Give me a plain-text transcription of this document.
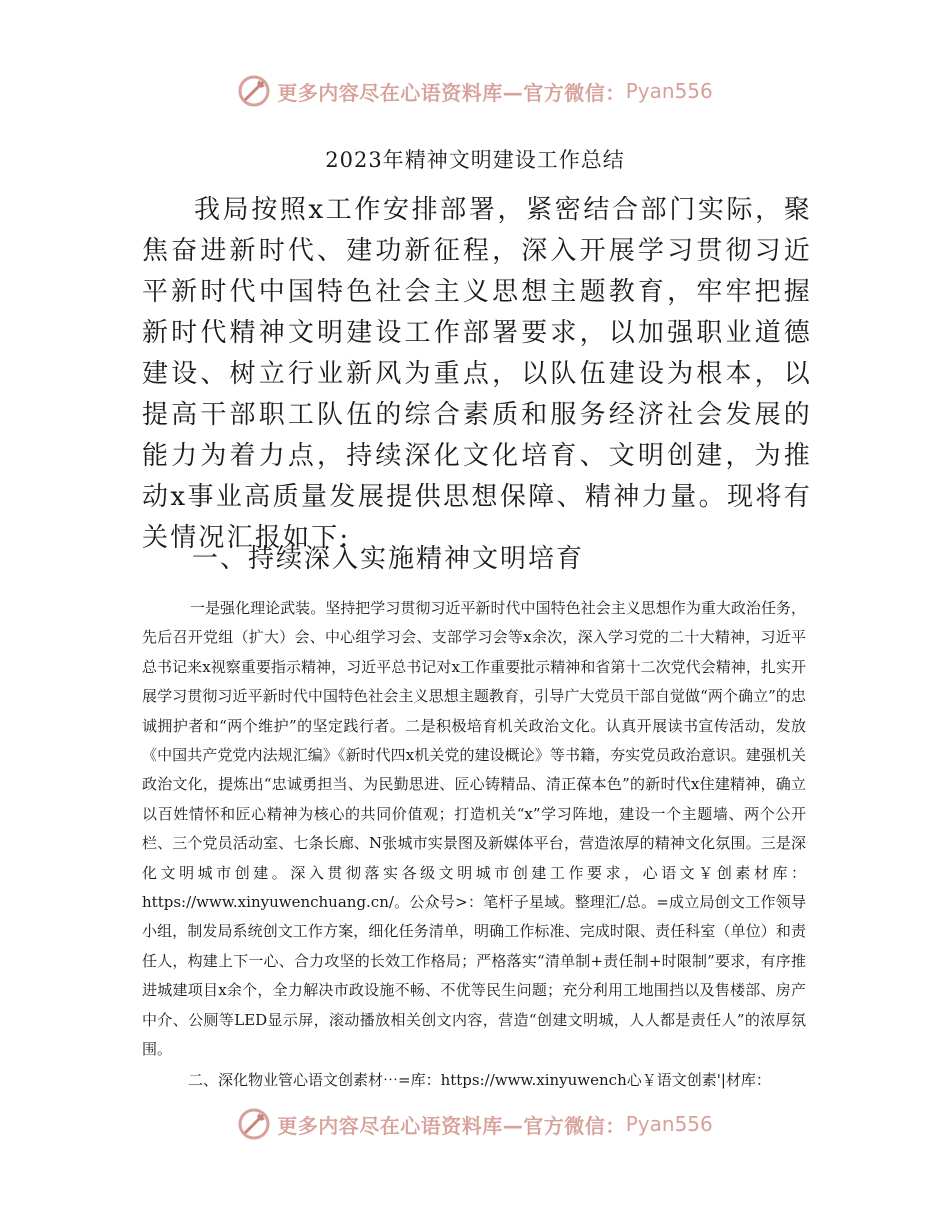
更多内容尽在心语资料库—官方微信： Pyan556
2023年精神文明建设工作总结

我局按照x工作安排部署，紧密结合部门实际，聚焦奋进新时代、建功新征程，深入开展学习贯彻习近平新时代中国特色社会主义思想主题教育，牢牢把握新时代精神文明建设工作部署要求，以加强职业道德建设、树立行业新风为重点，以队伍建设为根本，以提高干部职工队伍的综合素质和服务经济社会发展的能力为着力点，持续深化文化培育、文明创建，为推动x事业高质量发展提供思想保障、精神力量。现将有关情况汇报如下:

一、持续深入实施精神文明培育

一是强化理论武装。坚持把学习贯彻习近平新时代中国特色社会主义思想作为重大政治任务，先后召开党组（扩大）会、中心组学习会、支部学习会等x余次，深入学习党的二十大精神，习近平总书记来x视察重要指示精神，习近平总书记对x工作重要批示精神和省第十二次党代会精神，扎实开展学习贯彻习近平新时代中国特色社会主义思想主题教育，引导广大党员干部自觉做“两个确立”的忠诚拥护者和“两个维护”的坚定践行者。二是积极培育机关政治文化。认真开展读书宣传活动，发放《中国共产党党内法规汇编》《新时代四x机关党的建设概论》等书籍，夯实党员政治意识。建强机关政治文化，提炼出“忠诚勇担当、为民勤思进、匠心铸精品、清正葆本色”的新时代x住建精神，确立以百姓情怀和匠心精神为核心的共同价值观；打造机关“x”学习阵地，建设一个主题墙、两个公开栏、三个党员活动室、七条长廊、N张城市实景图及新媒体平台，营造浓厚的精神文化氛围。三是深化文明城市创建。深入贯彻落实各级文明城市创建工作要求，心语文￥创素材库：https://www.xinyuwenchuang.cn/。公众号>：笔杆子星域。整理汇/总。=成立局创文工作领导小组，制发局系统创文工作方案，细化任务清单，明确工作标准、完成时限、责任科室（单位）和责任人，构建上下一心、合力攻坚的长效工作格局；严格落实“清单制+责任制+时限制”要求，有序推进城建项目x余个，全力解决市政设施不畅、不优等民生问题；充分利用工地围挡以及售楼部、房产中介、公厕等LED显示屏，滚动播放相关创文内容，营造“创建文明城，人人都是责任人”的浓厚氛围。

二、深化物业管心语文创素材⋯=库：https://www.xinyuwench心￥语文创素'|材库：
更多内容尽在心语资料库—官方微信： Pyan556
